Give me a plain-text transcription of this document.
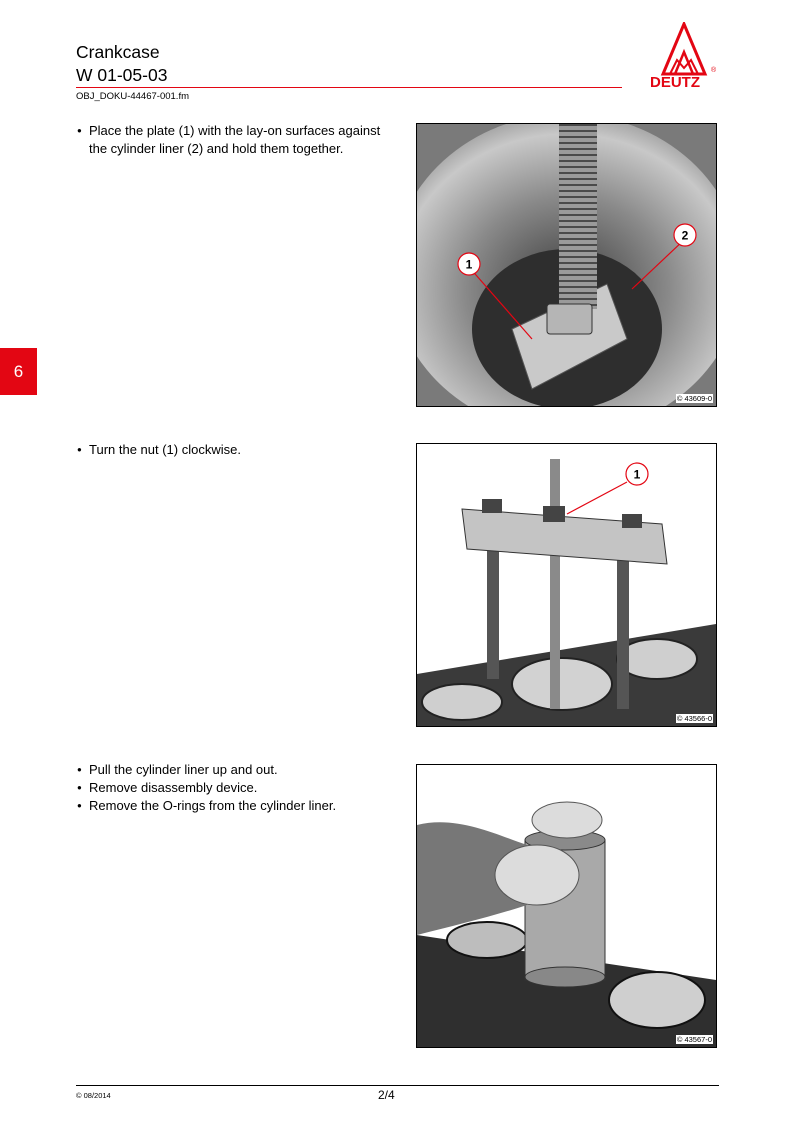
Crankcase
W 01-05-03
OBJ_DOKU-44467-001.fm
DEUTZ
®
6
● Place the plate (1) with the lay-on surfaces against the cylinder liner (2) and hold them together.
1
2
© 43609-0
● Turn the nut (1) clockwise.
1
© 43566-0
● Pull the cylinder liner up and out.
● Remove disassembly device.
● Remove the O-rings from the cylinder liner.
© 43567-0
© 08/2014	2/4
